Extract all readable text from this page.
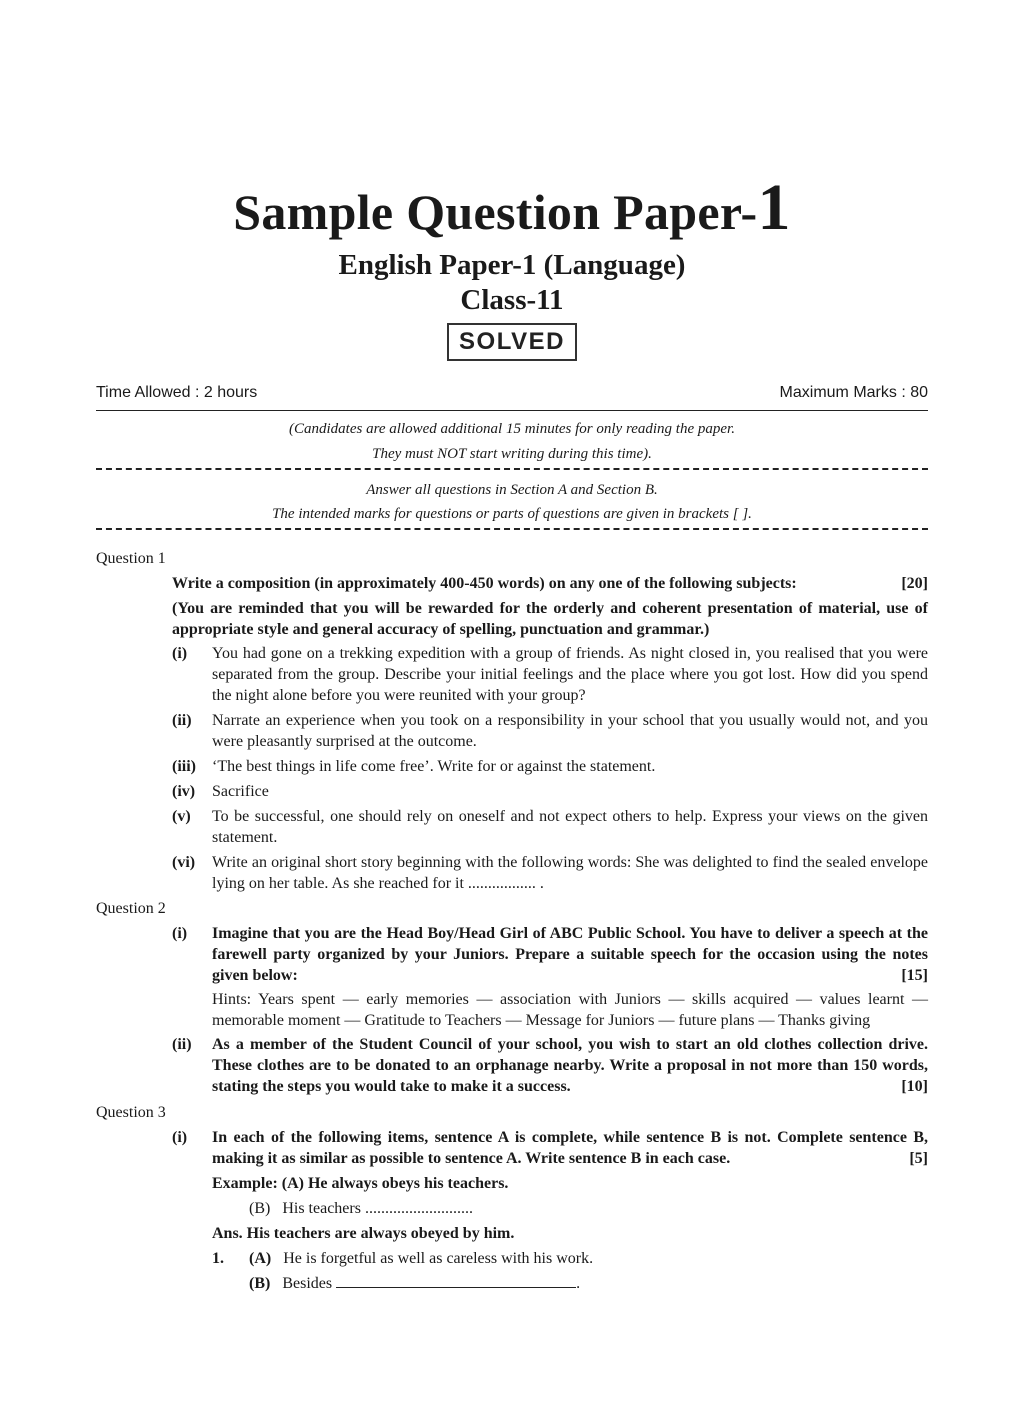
Sample Question Paper-1
English Paper-1 (Language)
Class-11
SOLVED
Time Allowed : 2 hours	Maximum Marks : 80
(Candidates are allowed additional 15 minutes for only reading the paper.
They must NOT start writing during this time).
Answer all questions in Section A and Section B.
The intended marks for questions or parts of questions are given in brackets [ ].
Question 1
Write a composition (in approximately 400-450 words) on any one of the following subjects:	[20]
(You are reminded that you will be rewarded for the orderly and coherent presentation of material, use of appropriate style and general accuracy of spelling, punctuation and grammar.)
(i)	You had gone on a trekking expedition with a group of friends. As night closed in, you realised that you were separated from the group. Describe your initial feelings and the place where you got lost. How did you spend the night alone before you were reunited with your group?
(ii)	Narrate an experience when you took on a responsibility in your school that you usually would not, and you were pleasantly surprised at the outcome.
(iii)	‘The best things in life come free’. Write for or against the statement.
(iv)	Sacrifice
(v)	To be successful, one should rely on oneself and not expect others to help. Express your views on the given statement.
(vi)	Write an original short story beginning with the following words: She was delighted to find the sealed envelope lying on her table. As she reached for it ................. .
Question 2
(i)	Imagine that you are the Head Boy/Head Girl of ABC Public School. You have to deliver a speech at the farewell party organized by your Juniors. Prepare a suitable speech for the occasion using the notes given below:	[15]
Hints: Years spent — early memories — association with Juniors — skills acquired — values learnt — memorable moment — Gratitude to Teachers — Message for Juniors — future plans — Thanks giving
(ii)	As a member of the Student Council of your school, you wish to start an old clothes collection drive. These clothes are to be donated to an orphanage nearby. Write a proposal in not more than 150 words, stating the steps you would take to make it a success.	[10]
Question 3
(i)	In each of the following items, sentence A is complete, while sentence B is not. Complete sentence B, making it as similar as possible to sentence A. Write sentence B in each case.	[5]
Example: (A) He always obeys his teachers.
(B) His teachers ...........................
Ans. His teachers are always obeyed by him.
1. (A) He is forgetful as well as careless with his work.
(B) Besides	.
